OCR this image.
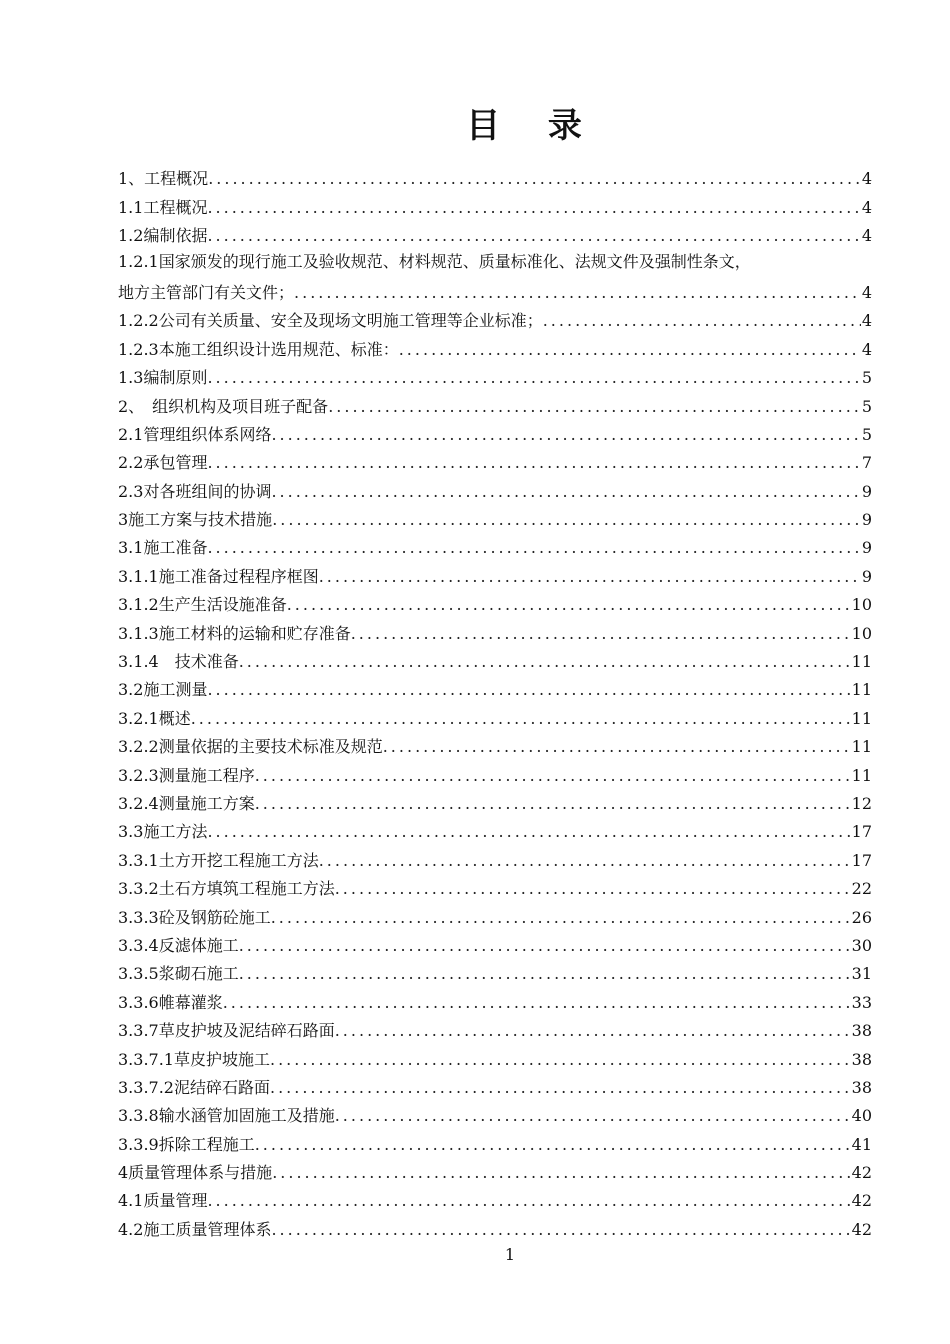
目 录
1、工程概况 .....	4
1.1工程概况 .....	4
1.2编制依据 .....	4
1.2.1国家颁发的现行施工及验收规范、材料规范、质量标准化、法规文件及强制性条文，
地方主管部门有关文件； .....	4
1.2.2公司有关质量、安全及现场文明施工管理等企业标准； .....	4
1.2.3本施工组织设计选用规范、标准： .....	4
1.3编制原则 .....	5
2、　组织机构及项目班子配备 .....	5
2.1管理组织体系网络 .....	5
2.2承包管理 .....	7
2.3对各班组间的协调 .....	9
3施工方案与技术措施 .....	9
3.1施工准备 .....	9
3.1.1施工准备过程程序框图 .....	9
3.1.2生产生活设施准备 .....	10
3.1.3施工材料的运输和贮存准备 .....	10
3.1.4　技术准备 .....	11
3.2施工测量 .....	11
3.2.1概述 .....	11
3.2.2测量依据的主要技术标准及规范 .....	11
3.2.3测量施工程序 .....	11
3.2.4测量施工方案 .....	12
3.3施工方法 .....	17
3.3.1土方开挖工程施工方法 .....	17
3.3.2土石方填筑工程施工方法 .....	22
3.3.3砼及钢筋砼施工 .....	26
3.3.4反滤体施工 .....	30
3.3.5浆砌石施工 .....	31
3.3.6帷幕灌浆 .....	33
3.3.7草皮护坡及泥结碎石路面 .....	38
3.3.7.1草皮护坡施工 .....	38
3.3.7.2泥结碎石路面 .....	38
3.3.8输水涵管加固施工及措施 .....	40
3.3.9拆除工程施工 .....	41
4质量管理体系与措施 .....	42
4.1质量管理 .....	42
4.2施工质量管理体系 .....	42
1
